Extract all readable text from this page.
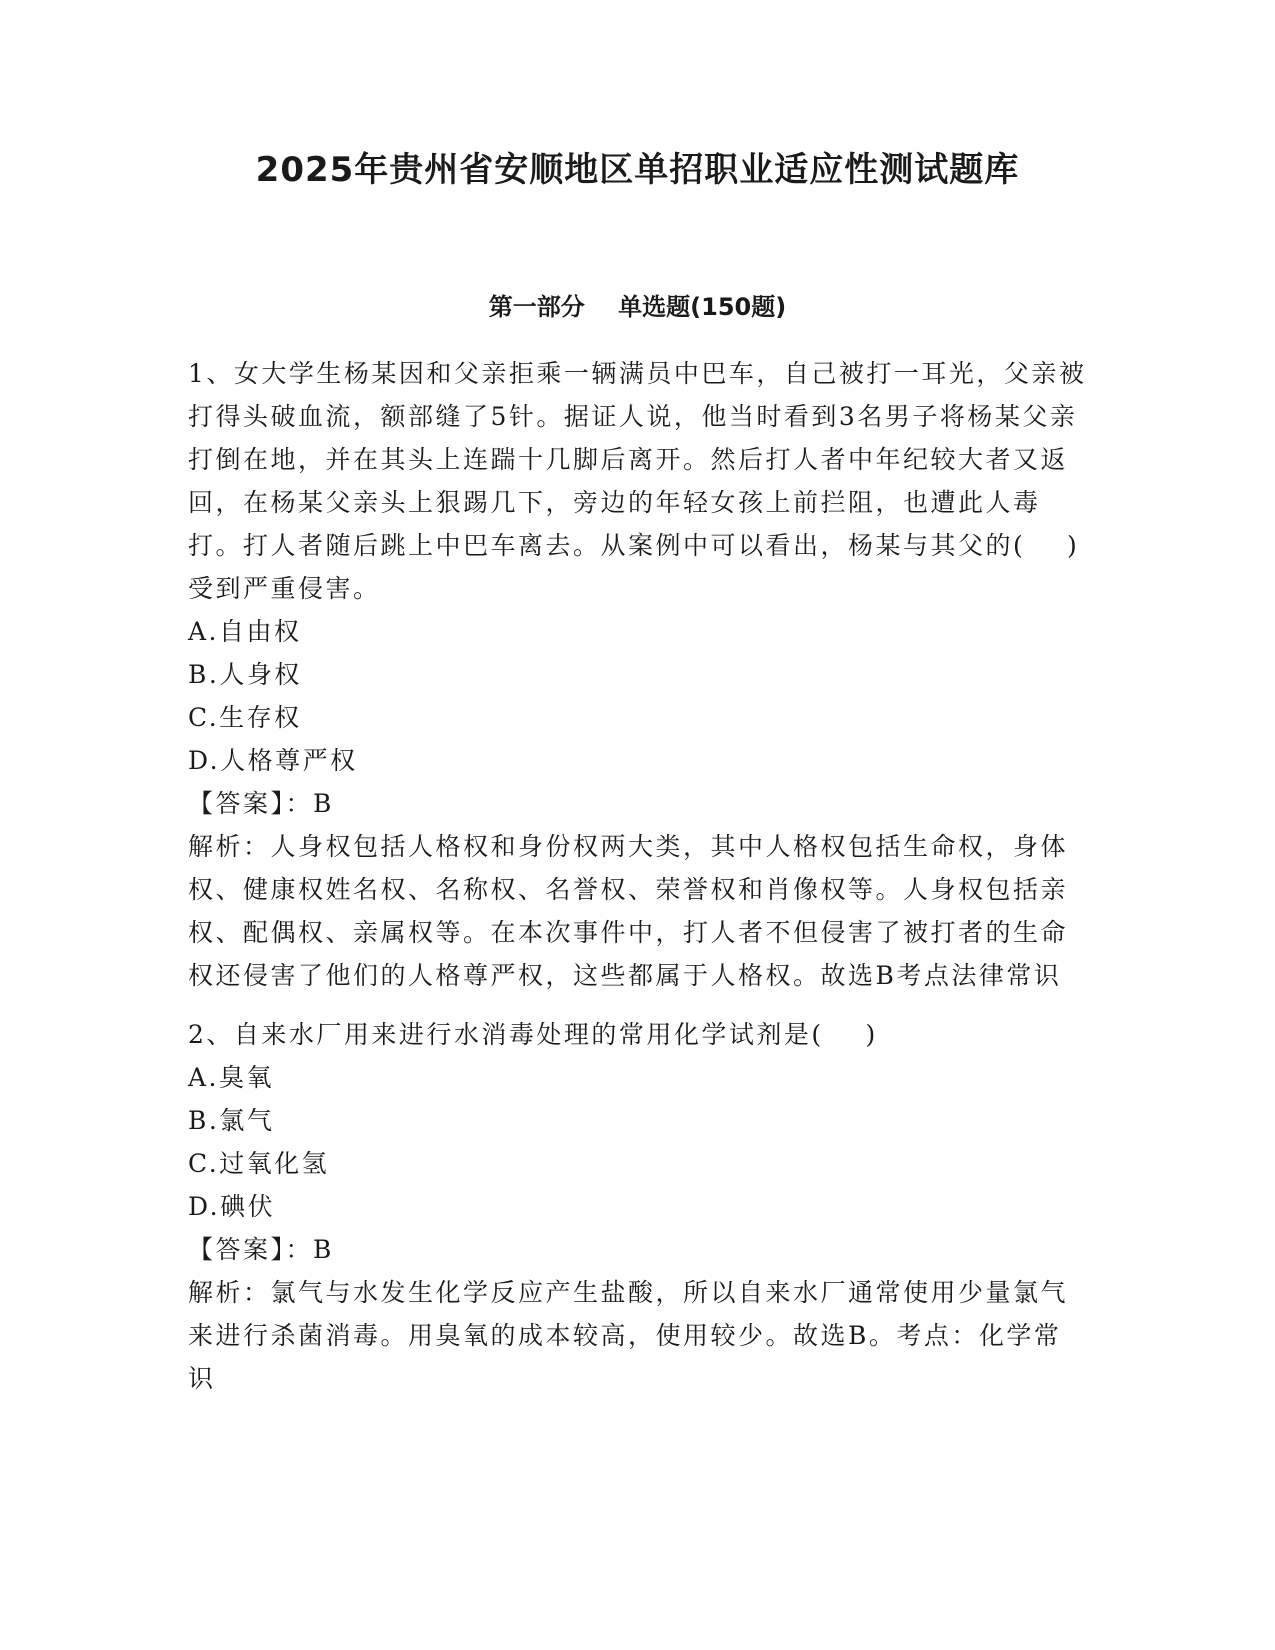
2025年贵州省安顺地区单招职业适应性测试题库
第一部分    单选题(150题)

1、女大学生杨某因和父亲拒乘一辆满员中巴车，自己被打一耳光，父亲被打得头破血流，额部缝了5针。据证人说，他当时看到3名男子将杨某父亲打倒在地，并在其头上连踹十几脚后离开。然后打人者中年纪较大者又返回，在杨某父亲头上狠踢几下，旁边的年轻女孩上前拦阻，也遭此人毒打。打人者随后跳上中巴车离去。从案例中可以看出，杨某与其父的(    )受到严重侵害。

A.自由权

B.人身权

C.生存权

D.人格尊严权

【答案】：B

解析：人身权包括人格权和身份权两大类，其中人格权包括生命权，身体权、健康权姓名权、名称权、名誉权、荣誉权和肖像权等。人身权包括亲权、配偶权、亲属权等。在本次事件中，打人者不但侵害了被打者的生命权还侵害了他们的人格尊严权，这些都属于人格权。故选B考点法律常识

2、自来水厂用来进行水消毒处理的常用化学试剂是(    )

A.臭氧

B.氯气

C.过氧化氢

D.碘伏

【答案】：B

解析：氯气与水发生化学反应产生盐酸，所以自来水厂通常使用少量氯气来进行杀菌消毒。用臭氧的成本较高，使用较少。故选B。考点：化学常识
